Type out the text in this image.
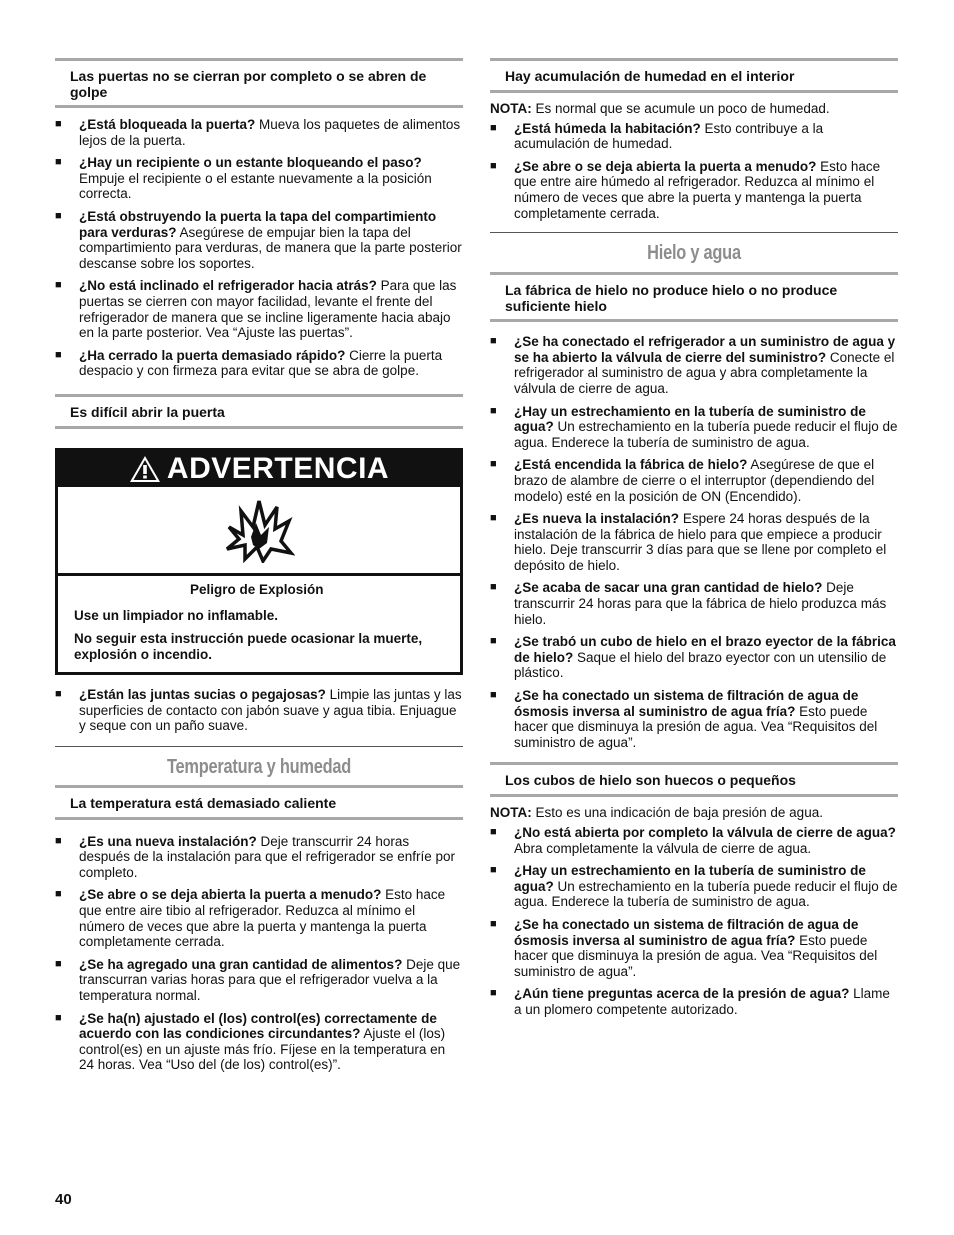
Las puertas no se cierran por completo o se abren de golpe
■ ¿Está bloqueada la puerta? Mueva los paquetes de alimentos lejos de la puerta.
■ ¿Hay un recipiente o un estante bloqueando el paso? Empuje el recipiente o el estante nuevamente a la posición correcta.
■ ¿Está obstruyendo la puerta la tapa del compartimiento para verduras? Asegúrese de empujar bien la tapa del compartimiento para verduras, de manera que la parte posterior descanse sobre los soportes.
■ ¿No está inclinado el refrigerador hacia atrás? Para que las puertas se cierren con mayor facilidad, levante el frente del refrigerador de manera que se incline ligeramente hacia abajo en la parte posterior. Vea “Ajuste las puertas”.
■ ¿Ha cerrado la puerta demasiado rápido? Cierre la puerta despacio y con firmeza para evitar que se abra de golpe.
Es difícil abrir la puerta
ADVERTENCIA
Peligro de Explosión
Use un limpiador no inflamable.
No seguir esta instrucción puede ocasionar la muerte, explosión o incendio.
■ ¿Están las juntas sucias o pegajosas? Limpie las juntas y las superficies de contacto con jabón suave y agua tibia. Enjuague y seque con un paño suave.
Temperatura y humedad
La temperatura está demasiado caliente
■ ¿Es una nueva instalación? Deje transcurrir 24 horas después de la instalación para que el refrigerador se enfríe por completo.
■ ¿Se abre o se deja abierta la puerta a menudo? Esto hace que entre aire tibio al refrigerador. Reduzca al mínimo el número de veces que abre la puerta y mantenga la puerta completamente cerrada.
■ ¿Se ha agregado una gran cantidad de alimentos? Deje que transcurran varias horas para que el refrigerador vuelva a la temperatura normal.
■ ¿Se ha(n) ajustado el (los) control(es) correctamente de acuerdo con las condiciones circundantes? Ajuste el (los) control(es) en un ajuste más frío. Fíjese en la temperatura en 24 horas. Vea “Uso del (de los) control(es)”.
Hay acumulación de humedad en el interior
NOTA: Es normal que se acumule un poco de humedad.
■ ¿Está húmeda la habitación? Esto contribuye a la acumulación de humedad.
■ ¿Se abre o se deja abierta la puerta a menudo? Esto hace que entre aire húmedo al refrigerador. Reduzca al mínimo el número de veces que abre la puerta y mantenga la puerta completamente cerrada.
Hielo y agua
La fábrica de hielo no produce hielo o no produce suficiente hielo
■ ¿Se ha conectado el refrigerador a un suministro de agua y se ha abierto la válvula de cierre del suministro? Conecte el refrigerador al suministro de agua y abra completamente la válvula de cierre de agua.
■ ¿Hay un estrechamiento en la tubería de suministro de agua? Un estrechamiento en la tubería puede reducir el flujo de agua. Enderece la tubería de suministro de agua.
■ ¿Está encendida la fábrica de hielo? Asegúrese de que el brazo de alambre de cierre o el interruptor (dependiendo del modelo) esté en la posición de ON (Encendido).
■ ¿Es nueva la instalación? Espere 24 horas después de la instalación de la fábrica de hielo para que empiece a producir hielo. Deje transcurrir 3 días para que se llene por completo el depósito de hielo.
■ ¿Se acaba de sacar una gran cantidad de hielo? Deje transcurrir 24 horas para que la fábrica de hielo produzca más hielo.
■ ¿Se trabó un cubo de hielo en el brazo eyector de la fábrica de hielo? Saque el hielo del brazo eyector con un utensilio de plástico.
■ ¿Se ha conectado un sistema de filtración de agua de ósmosis inversa al suministro de agua fría? Esto puede hacer que disminuya la presión de agua. Vea “Requisitos del suministro de agua”.
Los cubos de hielo son huecos o pequeños
NOTA: Esto es una indicación de baja presión de agua.
■ ¿No está abierta por completo la válvula de cierre de agua? Abra completamente la válvula de cierre de agua.
■ ¿Hay un estrechamiento en la tubería de suministro de agua? Un estrechamiento en la tubería puede reducir el flujo de agua. Enderece la tubería de suministro de agua.
■ ¿Se ha conectado un sistema de filtración de agua de ósmosis inversa al suministro de agua fría? Esto puede hacer que disminuya la presión de agua. Vea “Requisitos del suministro de agua”.
■ ¿Aún tiene preguntas acerca de la presión de agua? Llame a un plomero competente autorizado.
40
